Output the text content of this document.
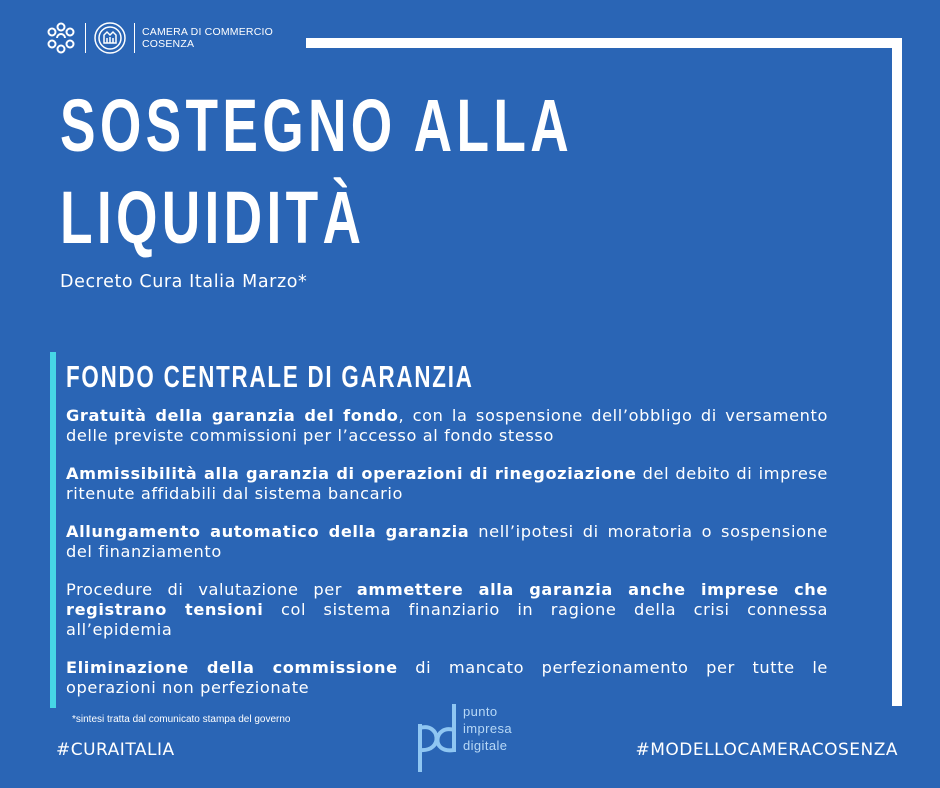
CAMERA DI COMMERCIO
COSENZA
SOSTEGNO ALLA
LIQUIDITÀ
Decreto Cura Italia Marzo*
FONDO CENTRALE DI GARANZIA
Gratuità della garanzia del fondo, con la sospensione dell’obbligo di versamento delle previste commissioni per l’accesso al fondo stesso
Ammissibilità alla garanzia di operazioni di rinegoziazione del debito di imprese ritenute affidabili dal sistema bancario
Allungamento automatico della garanzia nell’ipotesi di moratoria o sospensione del finanziamento
Procedure di valutazione per ammettere alla garanzia anche imprese che registrano tensioni col sistema finanziario in ragione della crisi connessa all’epidemia
Eliminazione della commissione di mancato perfezionamento per tutte le operazioni non perfezionate
*sintesi tratta dal comunicato stampa del governo
#CURAITALIA	#MODELLOCAMERACOSENZA
punto
impresa
digitale
